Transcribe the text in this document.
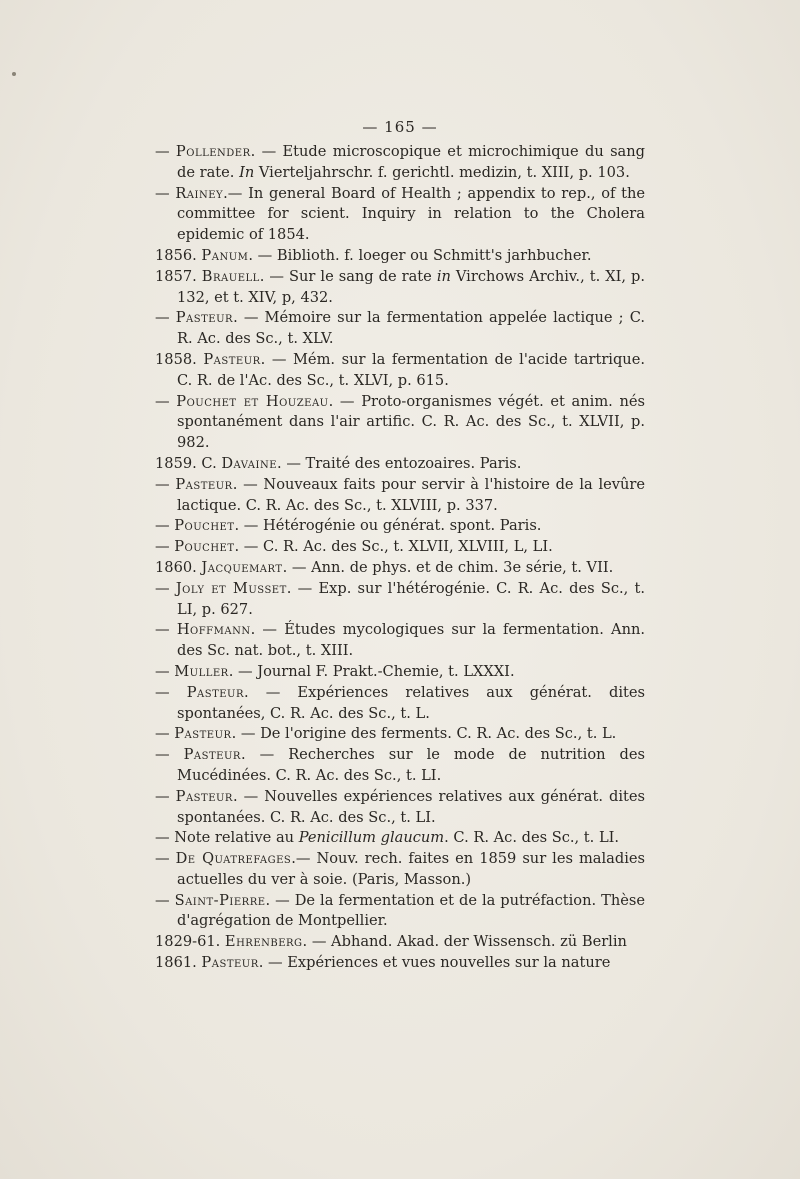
— 165 —
— Pollender. — Etude microscopique et microchimique du sang de rate. In Vierteljahrschr. f. gerichtl. medizin, t. XIII, p. 103.
— Rainey.— In general Board of Health ; appendix to rep., of the committee for scient. Inquiry in relation to the Cholera epidemic of 1854.
1856. Panum. — Biblioth. f. loeger ou Schmitt's jarhbucher.
1857. Brauell. — Sur le sang de rate in Virchows Archiv., t. XI, p. 132, et t. XIV, p, 432.
— Pasteur. — Mémoire sur la fermentation appelée lactique ; C. R. Ac. des Sc., t. XLV.
1858. Pasteur. — Mém. sur la fermentation de l'acide tartrique. C. R. de l'Ac. des Sc., t. XLVI, p. 615.
— Pouchet et Houzeau. — Proto-organismes végét. et anim. nés spontanément dans l'air artific. C. R. Ac. des Sc., t. XLVII, p. 982.
1859. C. Davaine. — Traité des entozoaires. Paris.
— Pasteur. — Nouveaux faits pour servir à l'histoire de la levûre lactique. C. R. Ac. des Sc., t. XLVIII, p. 337.
— Pouchet. — Hétérogénie ou générat. spont. Paris.
— Pouchet. — C. R. Ac. des Sc., t. XLVII, XLVIII, L, LI.
1860. Jacquemart. — Ann. de phys. et de chim. 3e série, t. VII.
— Joly et Musset. — Exp. sur l'hétérogénie. C. R. Ac. des Sc., t. LI, p. 627.
— Hoffmann. — Études mycologiques sur la fermentation. Ann. des Sc. nat. bot., t. XIII.
— Muller. — Journal F. Prakt.-Chemie, t. LXXXI.
— Pasteur. — Expériences relatives aux générat. dites spontanées, C. R. Ac. des Sc., t. L.
— Pasteur. — De l'origine des ferments. C. R. Ac. des Sc., t. L.
— Pasteur. — Recherches sur le mode de nutrition des Mucédinées. C. R. Ac. des Sc., t. LI.
— Pasteur. — Nouvelles expériences relatives aux générat. dites spontanées. C. R. Ac. des Sc., t. LI.
— Note relative au Penicillum glaucum. C. R. Ac. des Sc., t. LI.
— De Quatrefages.— Nouv. rech. faites en 1859 sur les maladies actuelles du ver à soie. (Paris, Masson.)
— Saint-Pierre. — De la fermentation et de la putréfaction. Thèse d'agrégation de Montpellier.
1829-61. Ehrenberg. — Abhand. Akad. der Wissensch. zü Berlin
1861. Pasteur. — Expériences et vues nouvelles sur la nature
